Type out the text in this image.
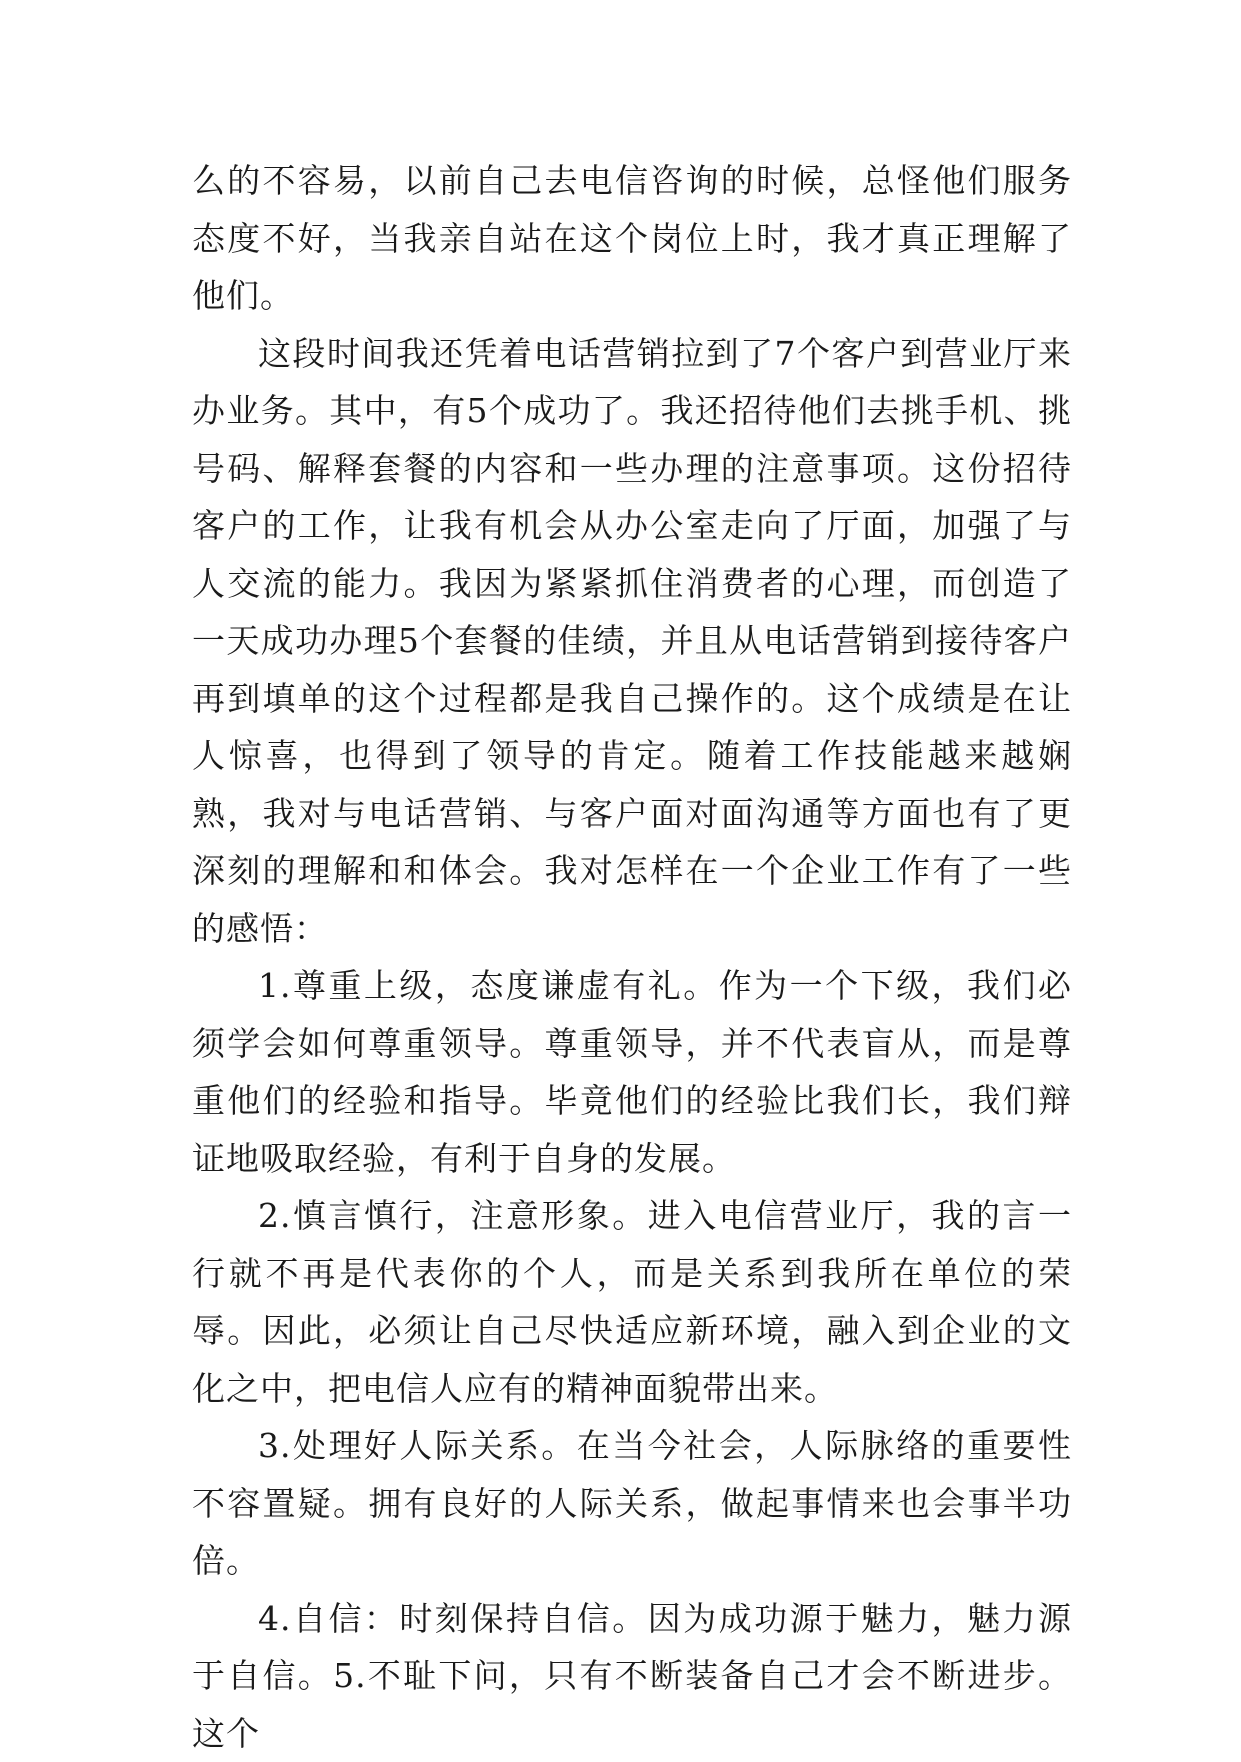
么的不容易，以前自己去电信咨询的时候，总怪他们服务态度不好，当我亲自站在这个岗位上时，我才真正理解了他们。

这段时间我还凭着电话营销拉到了7个客户到营业厅来办业务。其中，有5个成功了。我还招待他们去挑手机、挑号码、解释套餐的内容和一些办理的注意事项。这份招待客户的工作，让我有机会从办公室走向了厅面，加强了与人交流的能力。我因为紧紧抓住消费者的心理，而创造了一天成功办理5个套餐的佳绩，并且从电话营销到接待客户再到填单的这个过程都是我自己操作的。这个成绩是在让人惊喜，也得到了领导的肯定。随着工作技能越来越娴熟，我对与电话营销、与客户面对面沟通等方面也有了更深刻的理解和和体会。我对怎样在一个企业工作有了一些的感悟：

1.尊重上级，态度谦虚有礼。作为一个下级，我们必须学会如何尊重领导。尊重领导，并不代表盲从，而是尊重他们的经验和指导。毕竟他们的经验比我们长，我们辩证地吸取经验，有利于自身的发展。

2.慎言慎行，注意形象。进入电信营业厅，我的言一行就不再是代表你的个人，而是关系到我所在单位的荣辱。因此，必须让自己尽快适应新环境，融入到企业的文化之中，把电信人应有的精神面貌带出来。

3.处理好人际关系。在当今社会，人际脉络的重要性不容置疑。拥有良好的人际关系，做起事情来也会事半功倍。

4.自信：时刻保持自信。因为成功源于魅力，魅力源于自信。5.不耻下问，只有不断装备自己才会不断进步。这个
